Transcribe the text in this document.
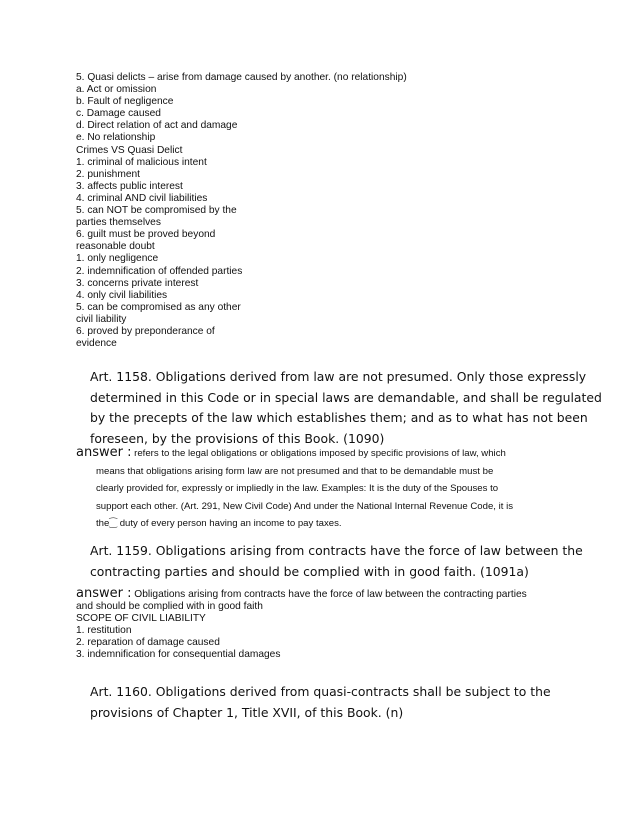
5. Quasi delicts – arise from damage caused by another. (no relationship)
a. Act or omission
b. Fault of negligence
c. Damage caused
d. Direct relation of act and damage
e. No relationship
Crimes VS Quasi Delict
1. criminal of malicious intent
2. punishment
3. affects public interest
4. criminal AND civil liabilities
5. can NOT be compromised by the
parties themselves
6. guilt must be proved beyond
reasonable doubt
1. only negligence
2. indemnification of offended parties
3. concerns private interest
4. only civil liabilities
5. can be compromised as any other
civil liability
6. proved by preponderance of
evidence
Art. 1158. Obligations derived from law are not presumed. Only those expressly
determined in this Code or in special laws are demandable, and shall be regulated
by the precepts of the law which establishes them; and as to what has not been
foreseen, by the provisions of this Book. (1090)
answer : refers to the legal obligations or obligations imposed by specific provisions of law, which
means that obligations arising form law are not presumed and that to be demandable must be
clearly provided for, expressly or impliedly in the law. Examples: It is the duty of the Spouses to
support each other. (Art. 291, New Civil Code) And under the National Internal Revenue Code, it is
the⁐ duty of every person having an income to pay taxes.
Art. 1159. Obligations arising from contracts have the force of law between the
contracting parties and should be complied with in good faith. (1091a)
answer : Obligations arising from contracts have the force of law between the contracting parties
and should be complied with in good faith
SCOPE OF CIVIL LIABILITY
1. restitution
2. reparation of damage caused
3. indemnification for consequential damages
Art. 1160. Obligations derived from quasi-contracts shall be subject to the
provisions of Chapter 1, Title XVII, of this Book. (n)
